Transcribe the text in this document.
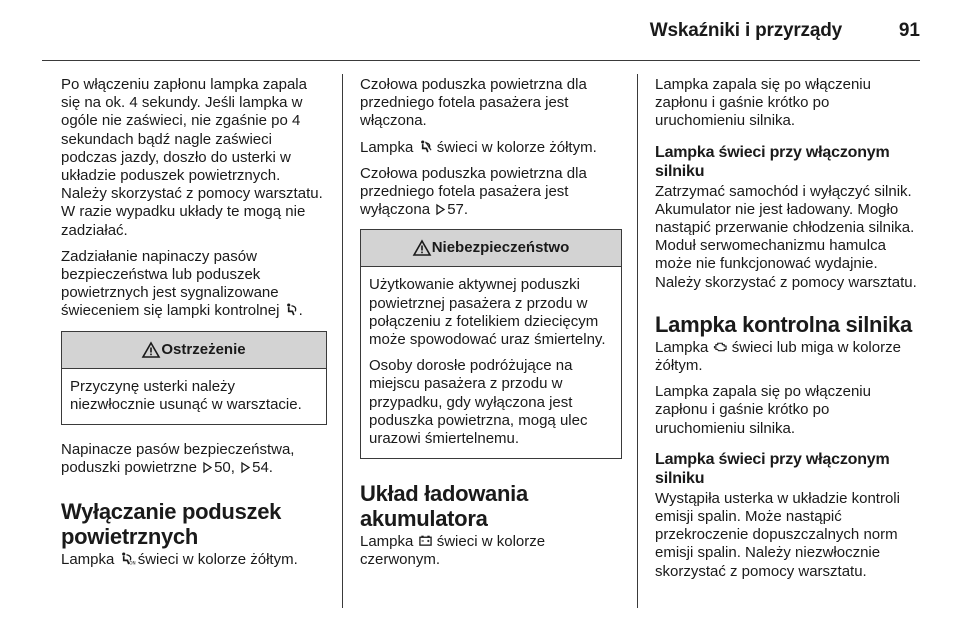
Wskaźniki i przyrządy	91

Po włączeniu zapłonu lampka zapala się na ok. 4 sekundy. Jeśli lampka w ogóle nie zaświeci, nie zgaśnie po 4 sekundach bądź nagle zaświeci podczas jazdy, doszło do usterki w układzie poduszek powietrznych. Należy skorzystać z pomocy warsztatu. W razie wypadku układy te mogą nie zadziałać.

Zadziałanie napinaczy pasów bezpieczeństwa lub poduszek powietrznych jest sygnalizowane świeceniem się lampki kontrolnej .

Ostrzeżenie

Przyczynę usterki należy niezwłocznie usunąć w warsztacie.

Napinacze pasów bezpieczeństwa, poduszki powietrzne 50, 54.

Wyłączanie poduszek powietrznych

Lampka	ON świeci w kolorze żółtym.

Czołowa poduszka powietrzna dla przedniego fotela pasażera jest włączona.

Lampka świeci w kolorze żółtym.

Czołowa poduszka powietrzna dla przedniego fotela pasażera jest wyłączona 57.

Niebezpieczeństwo

Użytkowanie aktywnej poduszki powietrznej pasażera z przodu w połączeniu z fotelikiem dziecięcym może spowodować uraz śmiertelny.

Osoby dorosłe podróżujące na miejscu pasażera z przodu w przypadku, gdy wyłączona jest poduszka powietrzna, mogą ulec urazowi śmiertelnemu.

Układ ładowania akumulatora

Lampka świeci w kolorze czerwonym.

Lampka zapala się po włączeniu zapłonu i gaśnie krótko po uruchomieniu silnika.

Lampka świeci przy włączonym silniku

Zatrzymać samochód i wyłączyć silnik. Akumulator nie jest ładowany. Mogło nastąpić przerwanie chłodzenia silnika. Moduł serwomechanizmu hamulca może nie funkcjonować wydajnie. Należy skorzystać z pomocy warsztatu.

Lampka kontrolna silnika

Lampka świeci lub miga w kolorze żółtym.

Lampka zapala się po włączeniu zapłonu i gaśnie krótko po uruchomieniu silnika.

Lampka świeci przy włączonym silniku

Wystąpiła usterka w układzie kontroli emisji spalin. Może nastąpić przekroczenie dopuszczalnych norm emisji spalin. Należy niezwłocznie skorzystać z pomocy warsztatu.
